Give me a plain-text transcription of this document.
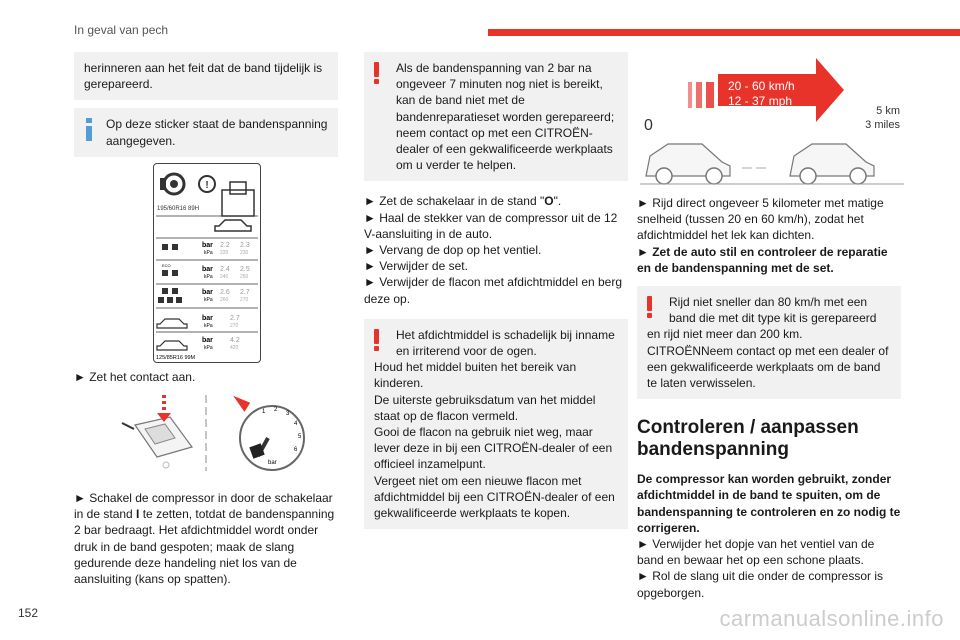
In geval van pech

herinneren aan het feit dat de band tijdelijk is gerepareerd.

Op deze sticker staat de bandenspanning aangegeven.

!
195/60R16 89H
bar
kPa
2.2
220
2.3
230
ECO
bar
kPa
2.4
240
2.5
250
bar
kPa
2.6
260
2.7
270
bar
kPa
2.7
270
bar
kPa
4.2
420
125/85R16 99M
► Zet het contact aan.
1 2
3
4
5
6
bar
► Schakel de compressor in door de schakelaar in de stand I te zetten, totdat de bandenspanning 2 bar bedraagt. Het afdichtmiddel wordt onder druk in de band gespoten; maak de slang gedurende deze handeling niet los van de aansluiting (kans op spatten).

Als de bandenspanning van 2 bar na ongeveer 7 minuten nog niet is bereikt, kan de band niet met de bandenreparatieset worden gerepareerd; neem contact op met een CITROËN-dealer of een gekwalificeerde werkplaats om u verder te helpen.

► Zet de schakelaar in de stand "O".

► Haal de stekker van de compressor uit de 12 V-aansluiting in de auto.

► Vervang de dop op het ventiel.

► Verwijder de set.

► Verwijder de flacon met afdichtmiddel en berg deze op.

Het afdichtmiddel is schadelijk bij inname en irriterend voor de ogen.

Houd het middel buiten het bereik van kinderen.

De uiterste gebruiksdatum van het middel staat op de flacon vermeld.

Gooi de flacon na gebruik niet weg, maar lever deze in bij een CITROËN-dealer of een officieel inzamelpunt.

Vergeet niet om een nieuwe flacon met afdichtmiddel bij een CITROËN-dealer of een gekwalificeerde werkplaats te kopen.

20 - 60 km/h
12 - 37 mph
0
5 km
3 miles

► Rijd direct ongeveer 5 kilometer met matige snelheid (tussen 20 en 60 km/h), zodat het afdichtmiddel het lek kan dichten.

► Zet de auto stil en controleer de reparatie en de bandenspanning met de set.

Rijd niet sneller dan 80 km/h met een band die met dit type kit is gerepareerd

en rijd niet meer dan 200 km. CITROËNNeem contact op met een dealer of een gekwalificeerde werkplaats om de band te laten verwisselen.

Controleren / aanpassen bandenspanning

De compressor kan worden gebruikt, zonder afdichtmiddel in de band te spuiten, om de bandenspanning te controleren en zo nodig te corrigeren.

► Verwijder het dopje van het ventiel van de band en bewaar het op een schone plaats.

► Rol de slang uit die onder de compressor is opgeborgen.

152	carmanualsonline.info
